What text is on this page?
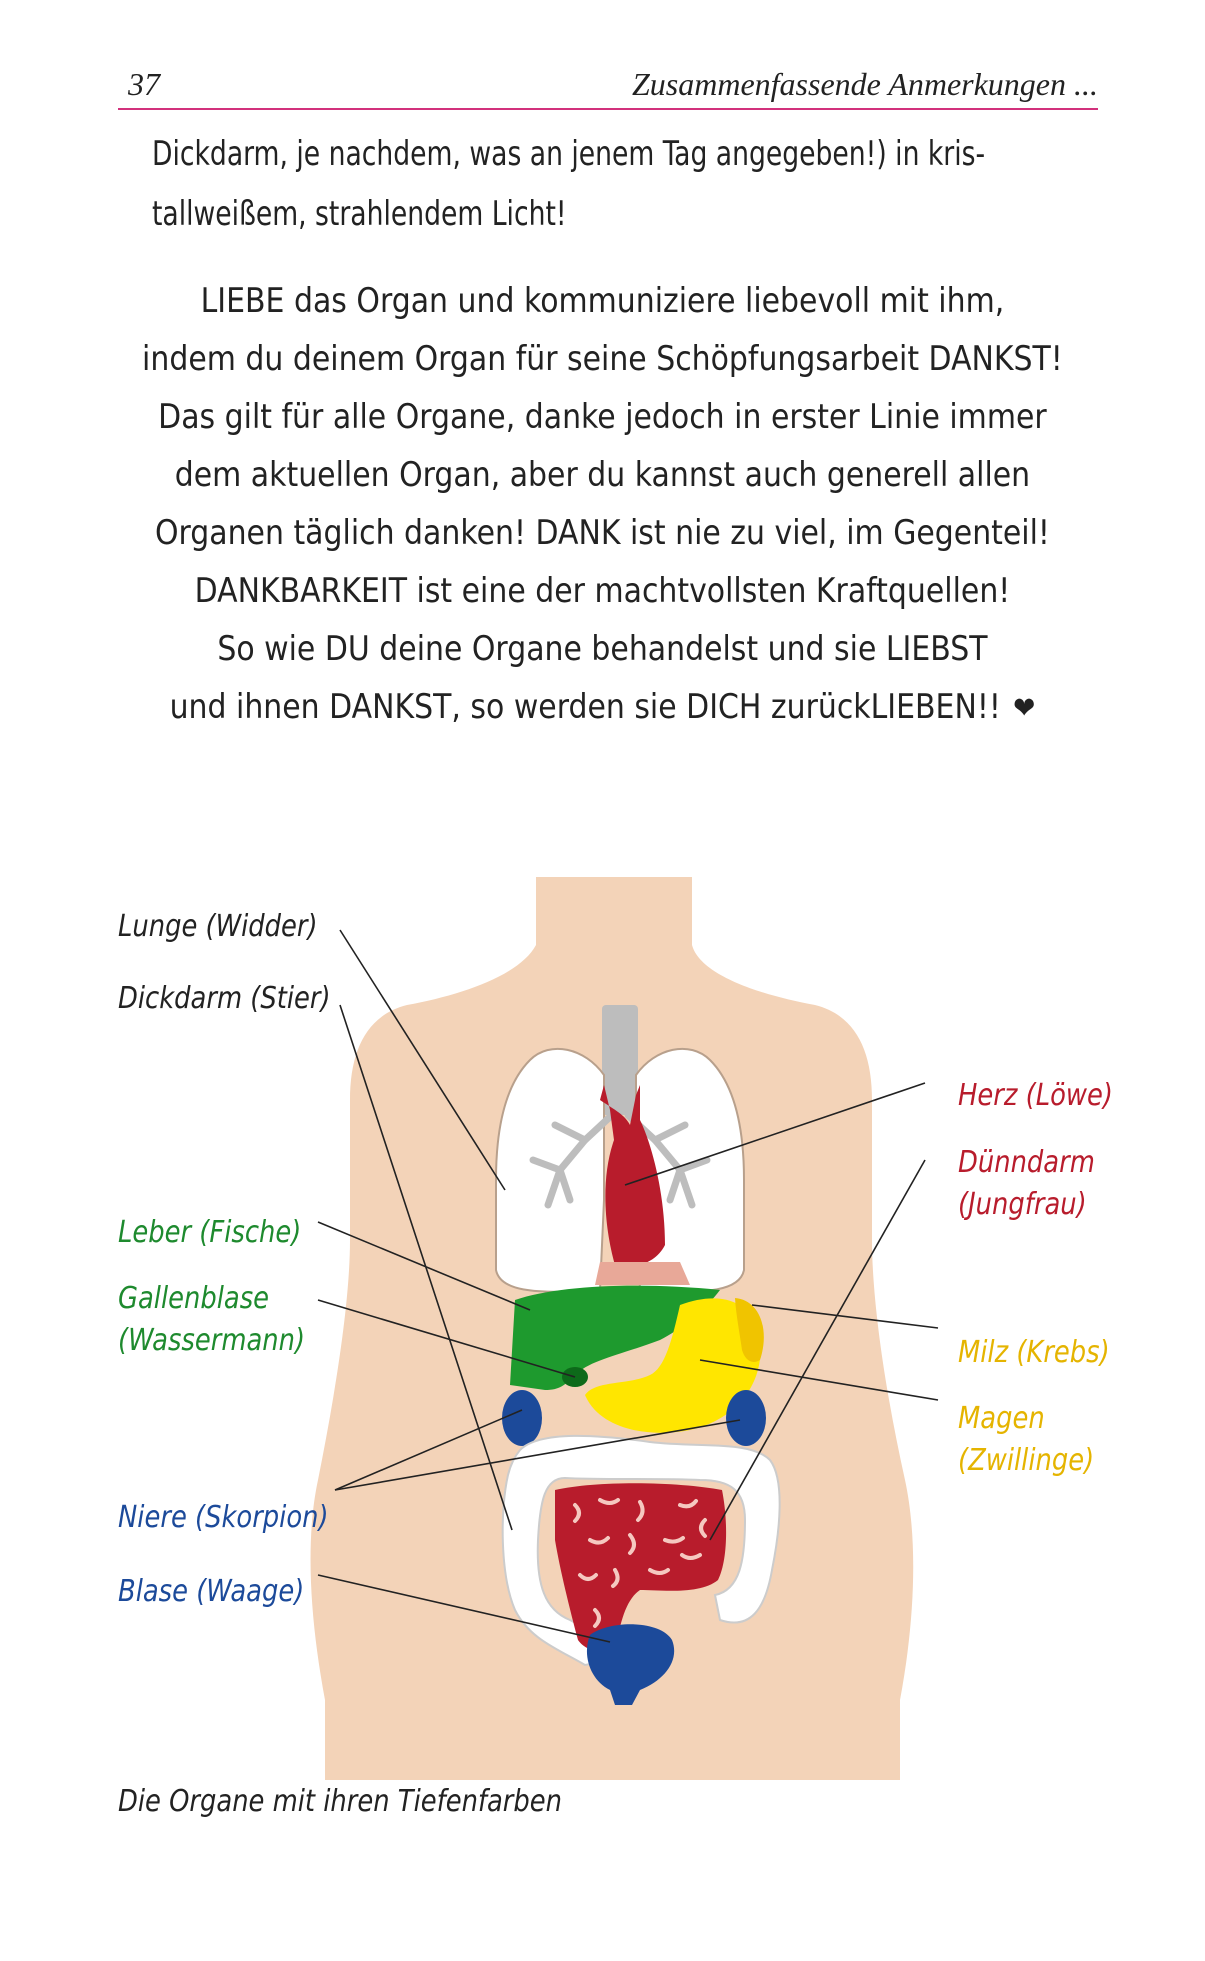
37	Zusammenfassende Anmerkungen ...
Dickdarm, je nachdem, was an jenem Tag angegeben!) in kris-
tallweißem, strahlendem Licht!
LIEBE das Organ und kommuniziere liebevoll mit ihm,
indem du deinem Organ für seine Schöpfungsarbeit DANKST!
Das gilt für alle Organe, danke jedoch in erster Linie immer
dem aktuellen Organ, aber du kannst auch generell allen
Organen täglich danken! DANK ist nie zu viel, im Gegenteil!
DANKBARKEIT ist eine der machtvollsten Kraftquellen!
So wie DU deine Organe behandelst und sie LIEBST
und ihnen DANKST, so werden sie DICH zurückLIEBEN!! ❤
Lunge (Widder)
Dickdarm (Stier)
Leber (Fische)
Gallenblase
(Wassermann)
Niere (Skorpion)
Blase (Waage)
Herz (Löwe)
Dünndarm
(Jungfrau)
Milz (Krebs)
Magen
(Zwillinge)
Die Organe mit ihren Tiefenfarben
